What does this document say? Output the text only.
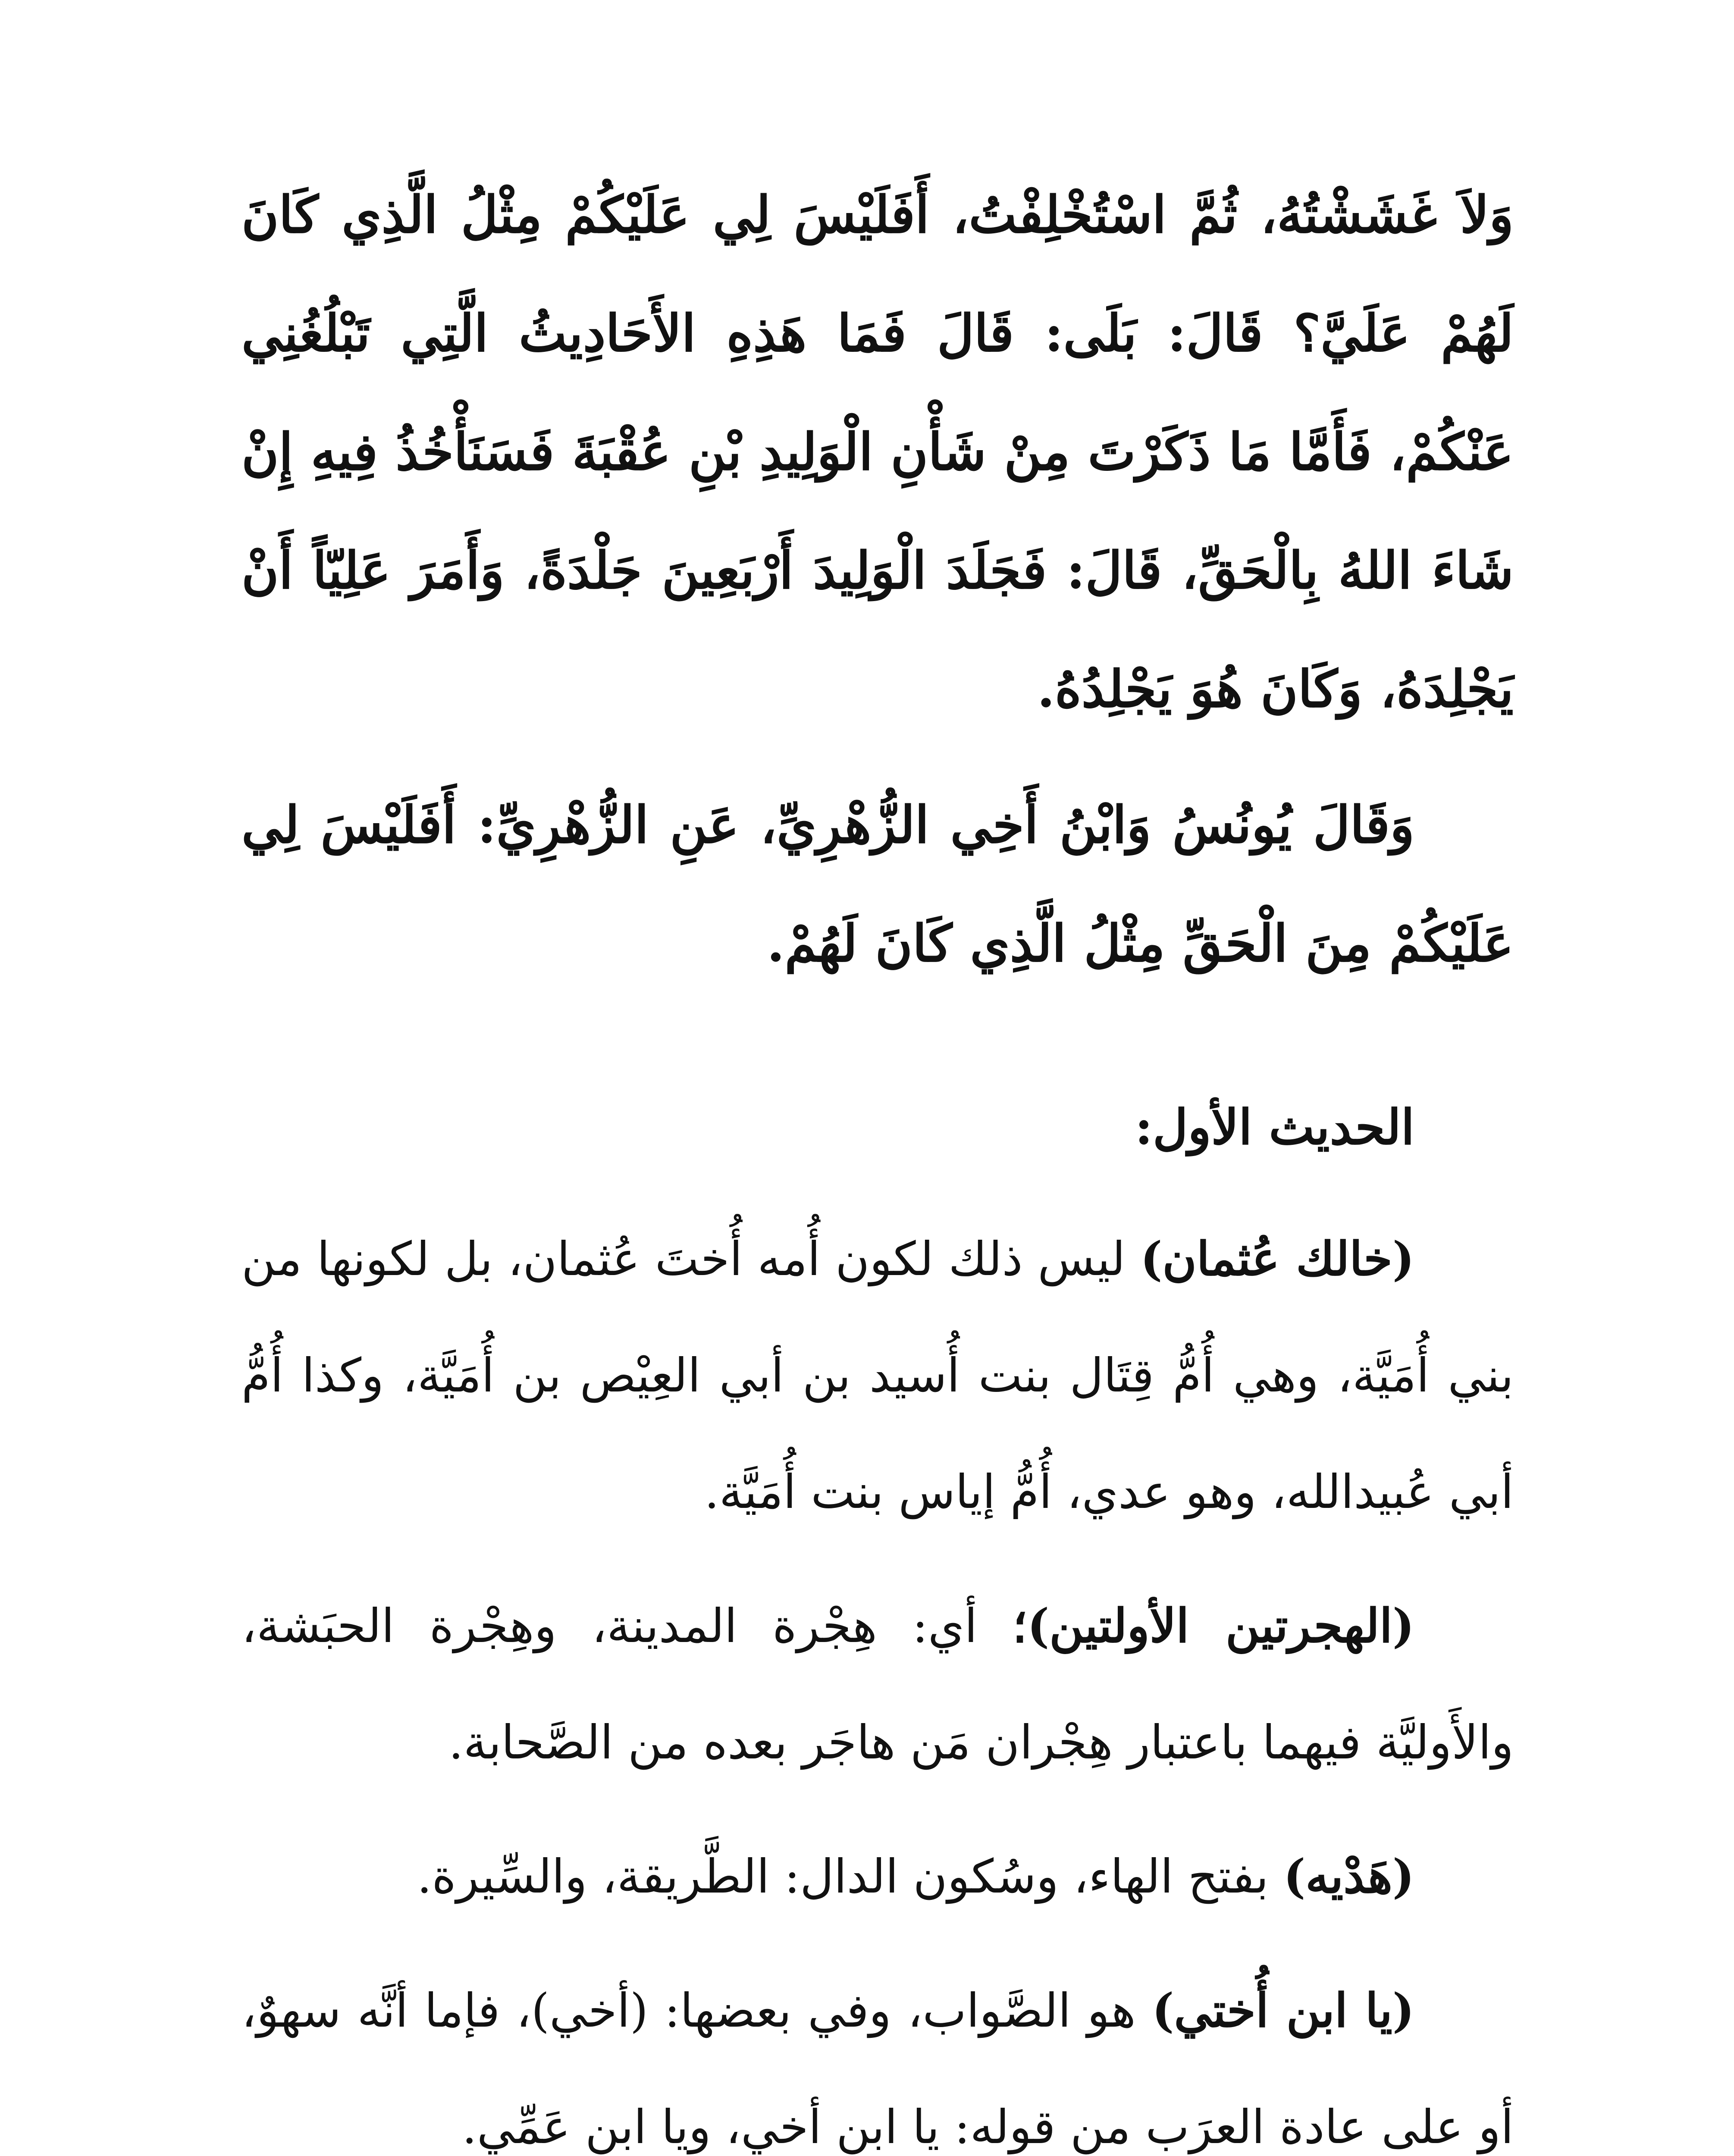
وَلاَ غَشَشْتُهُ، ثُمَّ اسْتُخْلِفْتُ، أَفَلَيْسَ لِي عَلَيْكُمْ مِثْلُ الَّذِي كَانَ لَهُمْ عَلَيَّ؟ قَالَ: بَلَى: قَالَ فَمَا هَذِهِ الأَحَادِيثُ الَّتِي تَبْلُغُنِي عَنْكُمْ، فَأَمَّا مَا ذَكَرْتَ مِنْ شَأْنِ الْوَلِيدِ بْنِ عُقْبَةَ فَسَنَأْخُذُ فِيهِ إِنْ شَاءَ اللهُ بِالْحَقِّ، قَالَ: فَجَلَدَ الْوَلِيدَ أَرْبَعِينَ جَلْدَةً، وَأَمَرَ عَلِيّاً أَنْ يَجْلِدَهُ، وَكَانَ هُوَ يَجْلِدُهُ.

وَقَالَ يُونُسُ وَابْنُ أَخِي الزُّهْرِيِّ، عَنِ الزُّهْرِيِّ: أَفَلَيْسَ لِي عَلَيْكُمْ مِنَ الْحَقِّ مِثْلُ الَّذِي كَانَ لَهُمْ.

الحديث الأول:

(خالك عُثمان) ليس ذلك لكون أُمه أُختَ عُثمان، بل لكونها من بني أُمَيَّة، وهي أُمُّ قِتَال بنت أُسيد بن أبي العِيْص بن أُمَيَّة، وكذا أُمُّ أبي عُبيدالله، وهو عدي، أُمُّ إياس بنت أُمَيَّة.

(الهجرتين الأولتين)؛ أي: هِجْرة المدينة، وهِجْرة الحبَشة، والأَوليَّة فيهما باعتبار هِجْران مَن هاجَر بعده من الصَّحابة.

(هَدْيه) بفتح الهاء، وسُكون الدال: الطَّريقة، والسِّيرة.

(يا ابن أُختي) هو الصَّواب، وفي بعضها: (أخي)، فإما أنَّه سهوٌ، أو على عادة العرَب من قوله: يا ابن أخي، ويا ابن عَمِّي.
